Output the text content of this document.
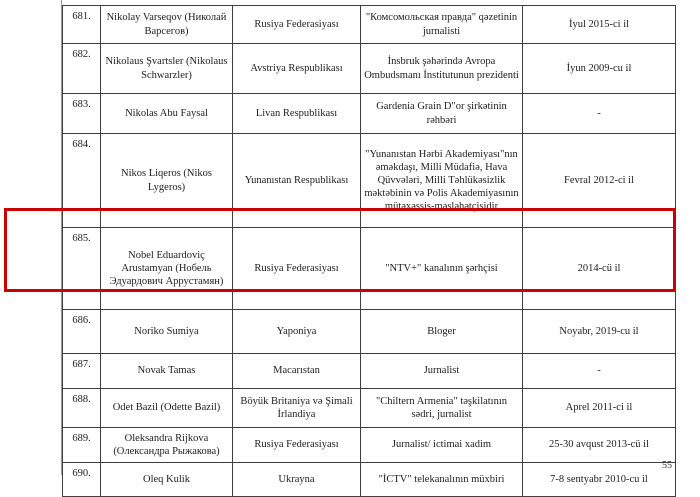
681.	Nikolay Varseqov (Николай Варсегов)	Rusiya Federasiyası	"Комсомольская правда" qəzetinin jurnalisti	İyul 2015-ci il
682.	Nikolaus Şvartsler (Nikolaus Schwarzler)	Avstriya Respublikası	İnsbruk şəhərində Avropa Ombudsmanı İnstitutunun prezidenti	İyun 2009-cu il
683.	Nikolas Abu Faysal	Livan Respublikası	Gardenia Grain D"or şirkətinin rəhbəri	-
684.	Nikos Liqeros (Nikos Lygeros)	Yunanıstan Respublikası	"Yunanıstan Hərbi Akademiyası"nın əməkdaşı, Milli Müdafiə, Hava Qüvvələri, Milli Təhlükəsizlik məktəbinin və Polis Akademiyasının mütəxəssis-məsləhətçisidir	Fevral 2012-ci il
685.	Nobel Eduardoviç Arustamyan (Нобель Эдуардович Аррустамян)	Rusiya Federasiyası	"NTV+" kanalının şərhçisi	2014-cü il
686.	Noriko Sumiya	Yaponiya	Bloger	Noyabr, 2019-cu il
687.	Novak Tamas	Macarıstan	Jurnalist	-
688.	Odet Bazil (Odette Bazil)	Böyük Britaniya və Şimali İrlandiya	"Chiltern Armenia" təşkilatının sədri, jurnalist	Aprel 2011-ci il
689.	Oleksandra Rijkova (Олександра Рыжакова)	Rusiya Federasiyası	Jurnalist/ ictimai xadim	25-30 avqust 2013-cü il
690.	Oleq Kulik	Ukrayna	"İCTV" telekanalının müxbiri	7-8 sentyabr 2010-cu il
55
